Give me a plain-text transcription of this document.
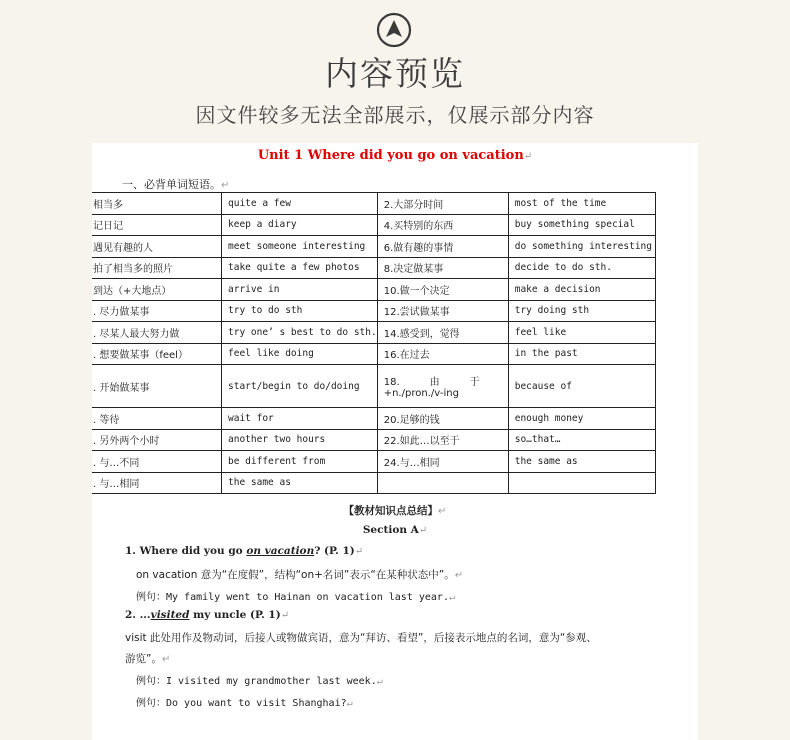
内容预览
因文件较多无法全部展示，仅展示部分内容
Unit 1 Where did you go on vacation↵
一、必背单词短语。↵
相当多	quite a few	2.大部分时间	most of the time
记日记	keep a diary	4.买特别的东西	buy something special
遇见有趣的人	meet someone interesting	6.做有趣的事情	do something interesting
拍了相当多的照片	take quite a few photos	8.决定做某事	decide to do sth.
到达（+大地点）	arrive in	10.做一个决定	make a decision
. 尽力做某事	try to do sth	12.尝试做某事	try doing sth
. 尽某人最大努力做	try one’ s best to do sth.	14.感受到，觉得	feel like
. 想要做某事（feel）	feel like doing	16.在过去	in the past
. 开始做某事	start/begin to do/doing	18.　　　由　　　于 +n./pron./v-ing	because of
. 等待	wait for	20.足够的钱	enough money
. 另外两个小时	another two hours	22.如此…以至于	so…that…
. 与…不同	be different from	24.与…相同	the same as
. 与…相同	the same as		
【教材知识点总结】↵
Section A↵
1. Where did you go on vacation? (P. 1)↵
on vacation 意为“在度假”，结构“on+名词”表示“在某种状态中”。↵
例句：My family went to Hainan on vacation last year.↵
2. ...visited my uncle (P. 1)↵
visit 此处用作及物动词，后接人或物做宾语，意为“拜访、看望”，后接表示地点的名词，意为“参观、
游览”。↵
例句：I visited my grandmother last week.↵
例句：Do you want to visit Shanghai?↵
